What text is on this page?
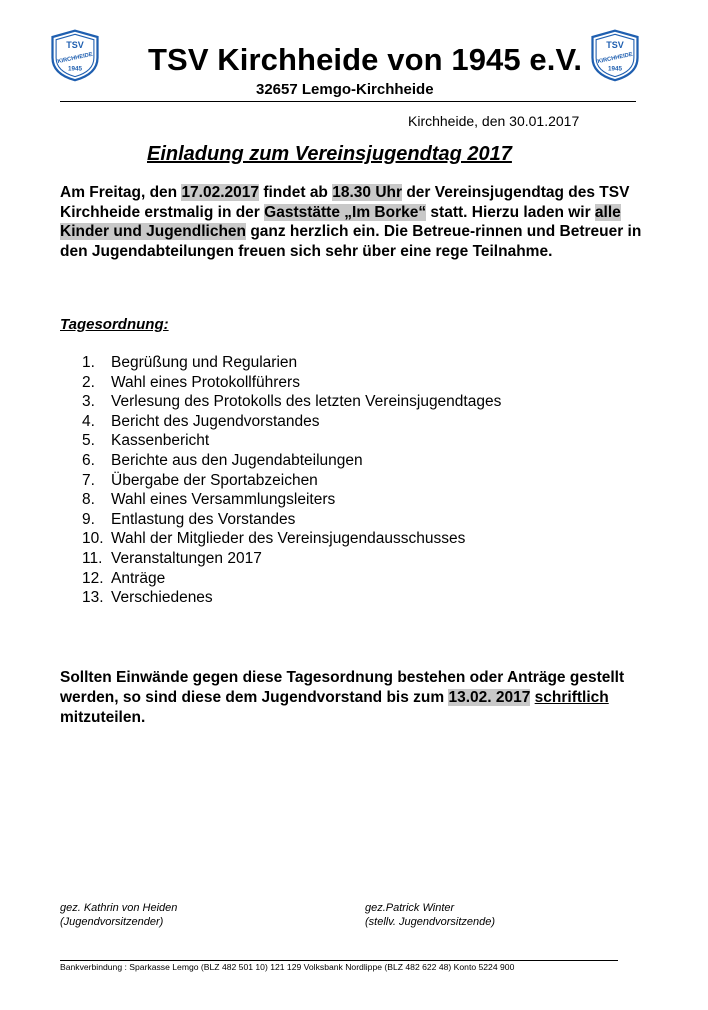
TSV
KIRCHHEIDE
1945
TSV
KIRCHHEIDE
1945
TSV Kirchheide von 1945 e.V.
32657 Lemgo-Kirchheide
Kirchheide, den 30.01.2017
Einladung zum Vereinsjugendtag 2017
Am Freitag, den 17.02.2017 findet ab 18.30 Uhr der Vereinsjugendtag des TSV Kirchheide erstmalig in der Gaststätte „Im Borke“ statt. Hierzu laden wir alle Kinder und Jugendlichen ganz herzlich ein. Die Betreue-rinnen und Betreuer in den Jugendabteilungen freuen sich sehr über eine rege Teilnahme.
Tagesordnung:
1. Begrüßung und Regularien
2. Wahl eines Protokollführers
3. Verlesung des Protokolls des letzten Vereinsjugendtages
4. Bericht des Jugendvorstandes
5. Kassenbericht
6. Berichte aus den Jugendabteilungen
7. Übergabe der Sportabzeichen
8. Wahl eines Versammlungsleiters
9. Entlastung des Vorstandes
10. Wahl der Mitglieder des Vereinsjugendausschusses
11. Veranstaltungen 2017
12. Anträge
13. Verschiedenes
Sollten Einwände gegen diese Tagesordnung bestehen oder Anträge gestellt werden, so sind diese dem Jugendvorstand bis zum 13.02. 2017 schriftlich mitzuteilen.
gez. Kathrin von Heiden
(Jugendvorsitzender)
gez.Patrick Winter
(stellv. Jugendvorsitzende)
Bankverbindung : Sparkasse Lemgo (BLZ 482 501 10) 121 129 Volksbank Nordlippe (BLZ 482 622 48) Konto 5224 900
